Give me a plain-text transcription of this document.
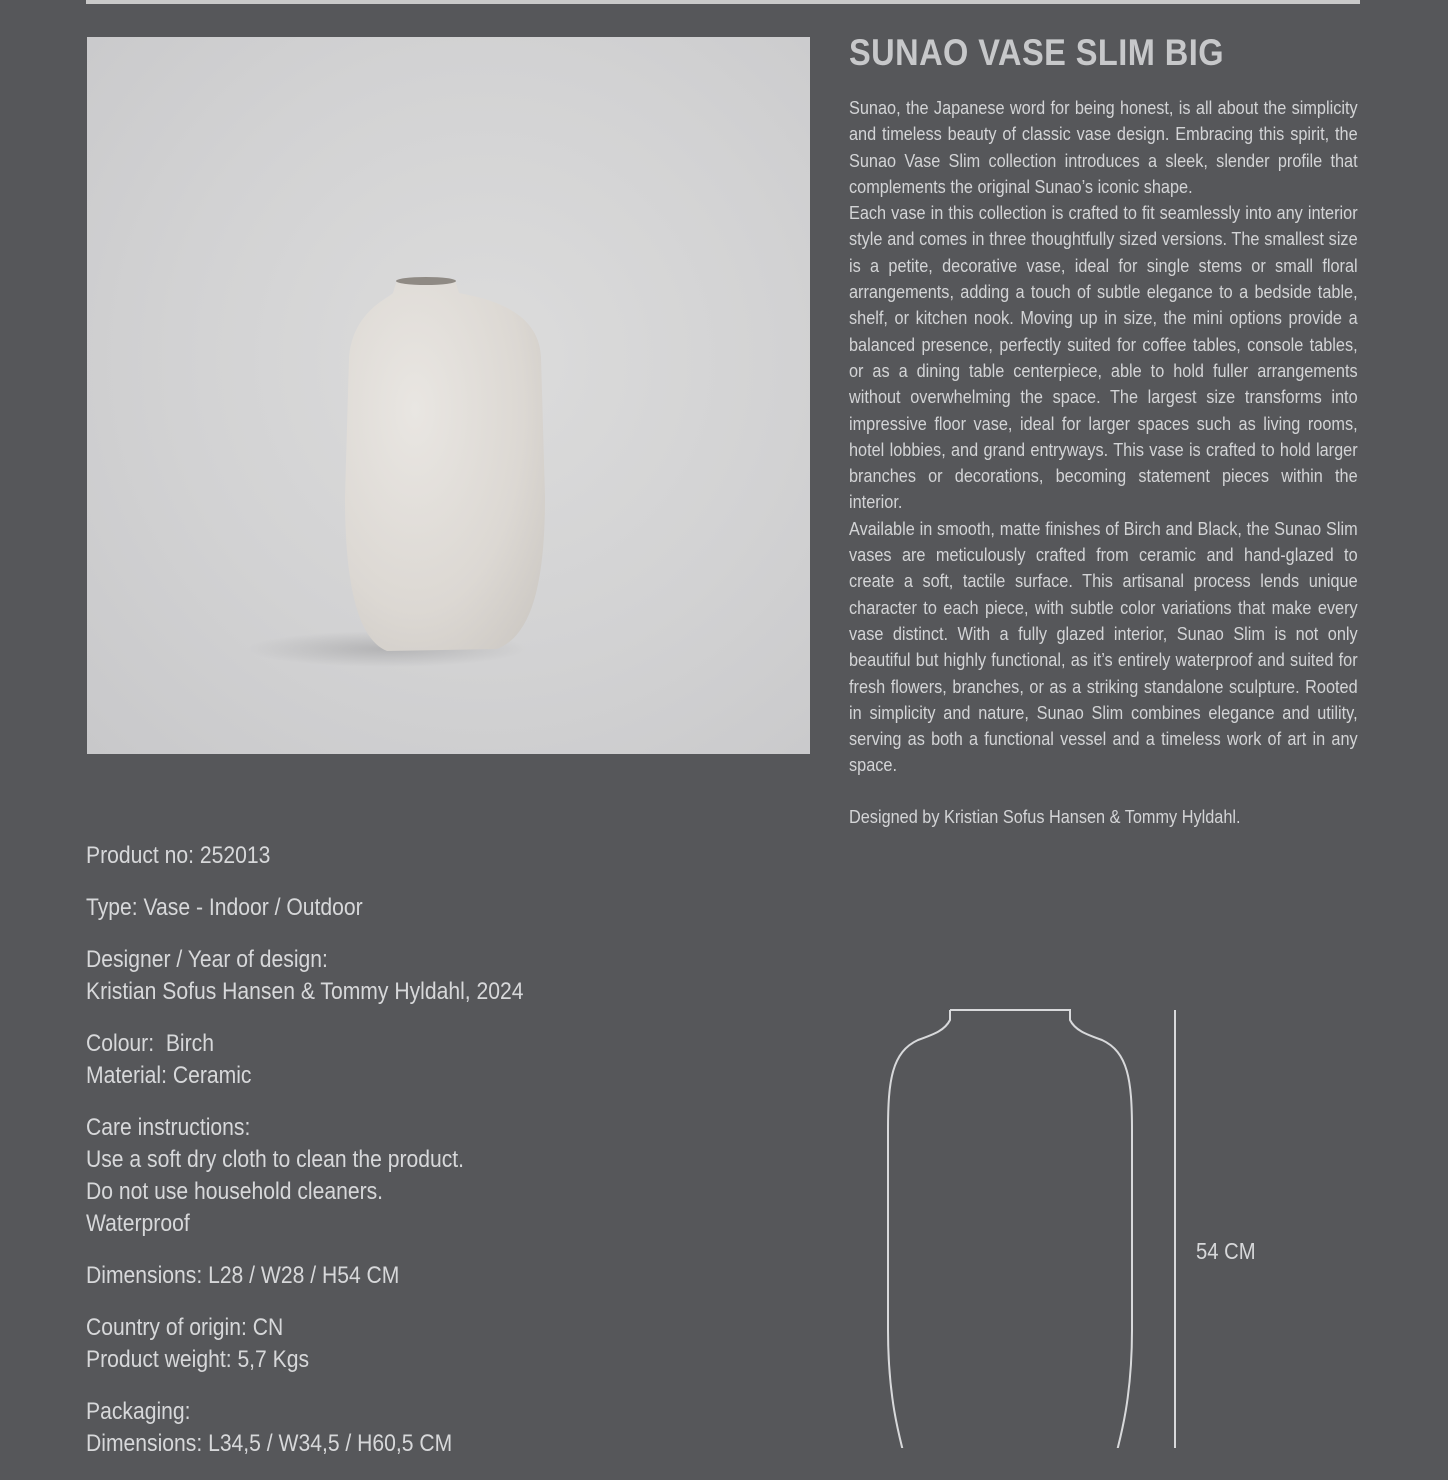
SUNAO VASE SLIM BIG

Sunao, the Japanese word for being honest, is all about the simplicity and timeless beauty of classic vase design. Embracing this spirit, the Sunao Vase Slim collection introduces a sleek, slender profile that complements the original Sunao’s iconic shape.

Each vase in this collection is crafted to fit seamlessly into any interior style and comes in three thoughtfully sized versions. The smallest size is a petite, decorative vase, ideal for single stems or small floral arrangements, adding a touch of subtle elegance to a bedside table, shelf, or kitchen nook. Moving up in size, the mini options provide a balanced presence, perfectly suited for coffee tables, console tables, or as a dining table centerpiece, able to hold fuller arrangements without overwhelming the space. The largest size transforms into impressive floor vase, ideal for larger spaces such as living rooms, hotel lobbies, and grand entryways. This vase is crafted to hold larger branches or decorations, becoming statement pieces within the interior.

Available in smooth, matte finishes of Birch and Black, the Sunao Slim vases are meticulously crafted from ceramic and hand-glazed to create a soft, tactile surface. This artisanal process lends unique character to each piece, with subtle color variations that make every vase distinct. With a fully glazed interior, Sunao Slim is not only beautiful but highly functional, as it’s entirely waterproof and suited for fresh flowers, branches, or as a striking standalone sculpture. Rooted in simplicity and nature, Sunao Slim combines elegance and utility, serving as both a functional vessel and a timeless work of art in any space.

Designed by Kristian Sofus Hansen & Tommy Hyldahl.
Product no: 252013
Type: Vase - Indoor / Outdoor
Designer / Year of design:
Kristian Sofus Hansen & Tommy Hyldahl, 2024
Colour:  Birch
Material: Ceramic
Care instructions:
Use a soft dry cloth to clean the product.
Do not use household cleaners.
Waterproof
Dimensions: L28 / W28 / H54 CM
Country of origin: CN
Product weight: 5,7 Kgs
Packaging:
Dimensions: L34,5 / W34,5 / H60,5 CM
54 CM
